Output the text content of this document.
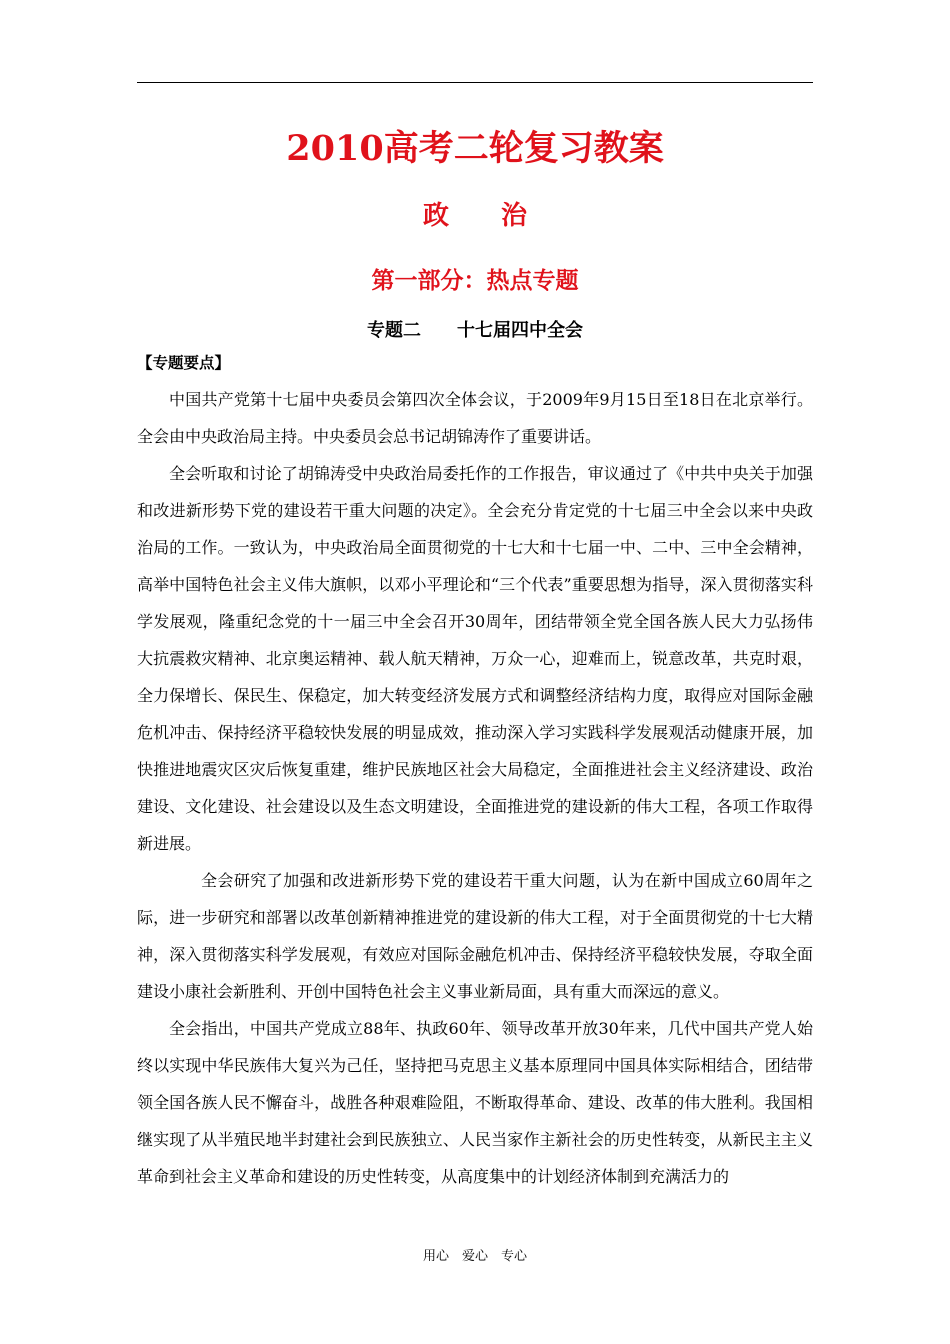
2010高考二轮复习教案
政　　治
第一部分：热点专题
专题二　　十七届四中全会
【专题要点】

中国共产党第十七届中央委员会第四次全体会议，于2009年9月15日至18日在北京举行。全会由中央政治局主持。中央委员会总书记胡锦涛作了重要讲话。

全会听取和讨论了胡锦涛受中央政治局委托作的工作报告，审议通过了《中共中央关于加强和改进新形势下党的建设若干重大问题的决定》。全会充分肯定党的十七届三中全会以来中央政治局的工作。一致认为，中央政治局全面贯彻党的十七大和十七届一中、二中、三中全会精神，高举中国特色社会主义伟大旗帜，以邓小平理论和“三个代表”重要思想为指导，深入贯彻落实科学发展观，隆重纪念党的十一届三中全会召开30周年，团结带领全党全国各族人民大力弘扬伟大抗震救灾精神、北京奥运精神、载人航天精神，万众一心，迎难而上，锐意改革，共克时艰，全力保增长、保民生、保稳定，加大转变经济发展方式和调整经济结构力度，取得应对国际金融危机冲击、保持经济平稳较快发展的明显成效，推动深入学习实践科学发展观活动健康开展，加快推进地震灾区灾后恢复重建，维护民族地区社会大局稳定，全面推进社会主义经济建设、政治建设、文化建设、社会建设以及生态文明建设，全面推进党的建设新的伟大工程，各项工作取得新进展。

全会研究了加强和改进新形势下党的建设若干重大问题，认为在新中国成立60周年之际，进一步研究和部署以改革创新精神推进党的建设新的伟大工程，对于全面贯彻党的十七大精神，深入贯彻落实科学发展观，有效应对国际金融危机冲击、保持经济平稳较快发展，夺取全面建设小康社会新胜利、开创中国特色社会主义事业新局面，具有重大而深远的意义。

全会指出，中国共产党成立88年、执政60年、领导改革开放30年来，几代中国共产党人始终以实现中华民族伟大复兴为己任，坚持把马克思主义基本原理同中国具体实际相结合，团结带领全国各族人民不懈奋斗，战胜各种艰难险阻，不断取得革命、建设、改革的伟大胜利。我国相继实现了从半殖民地半封建社会到民族独立、人民当家作主新社会的历史性转变，从新民主主义革命到社会主义革命和建设的历史性转变，从高度集中的计划经济体制到充满活力的

用心　爱心　专心
